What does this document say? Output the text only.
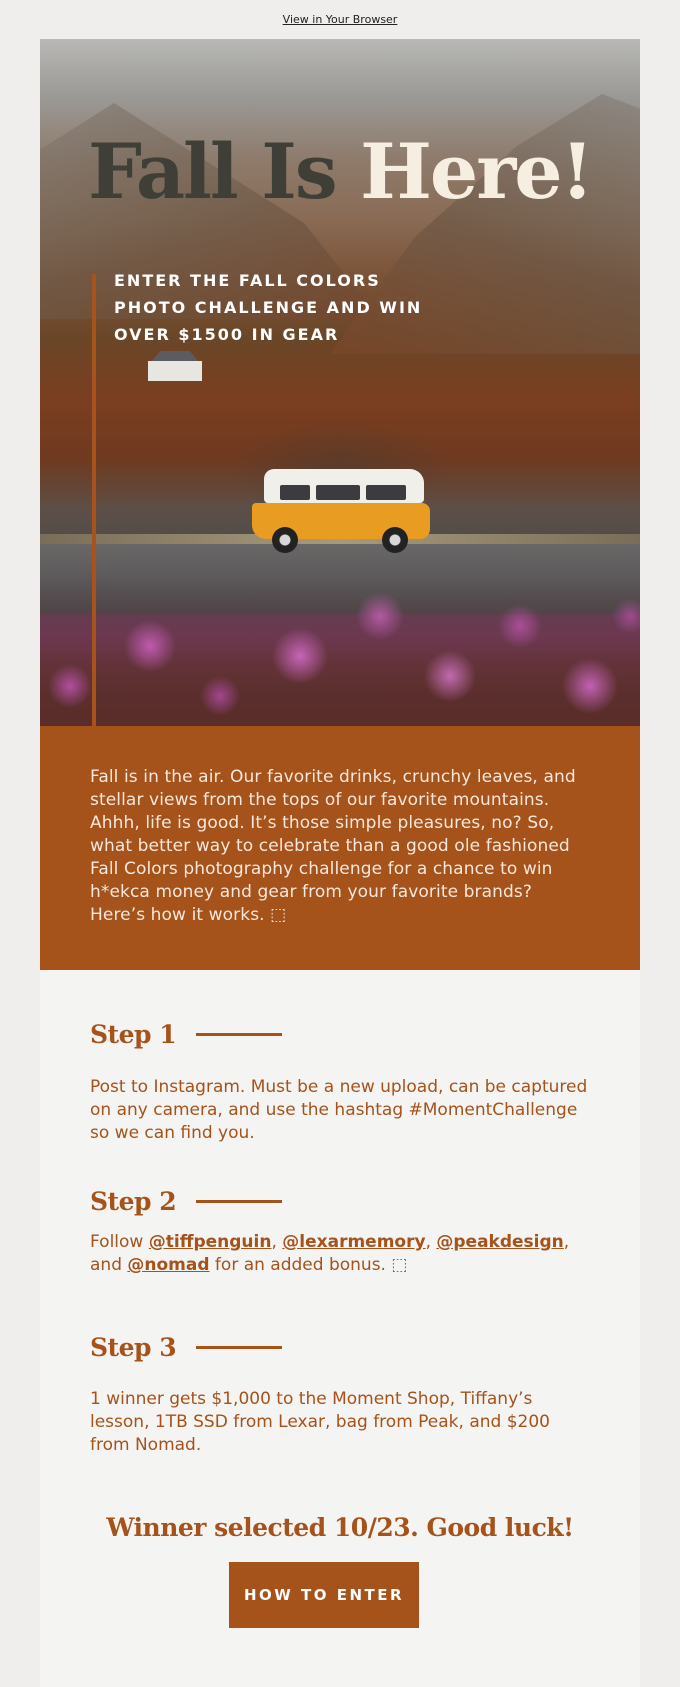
View in Your Browser
Fall Is Here!
ENTER THE FALL COLORS PHOTO CHALLENGE AND WIN OVER $1500 IN GEAR

Fall is in the air. Our favorite drinks, crunchy leaves, and stellar views from the tops of our favorite mountains. Ahhh, life is good. It’s those simple pleasures, no? So, what better way to celebrate than a good ole fashioned Fall Colors photography challenge for a chance to win h*ekca money and gear from your favorite brands? Here’s how it works. ⬚

Step 1

Post to Instagram. Must be a new upload, can be captured on any camera, and use the hashtag #MomentChallenge so we can find you.

Step 2

Follow @tiffpenguin, @lexarmemory, @peakdesign, and @nomad for an added bonus. ⬚

Step 3

1 winner gets $1,000 to the Moment Shop, Tiffany’s lesson, 1TB SSD from Lexar, bag from Peak, and $200 from Nomad.

Winner selected 10/23. Good luck!
HOW TO ENTER
